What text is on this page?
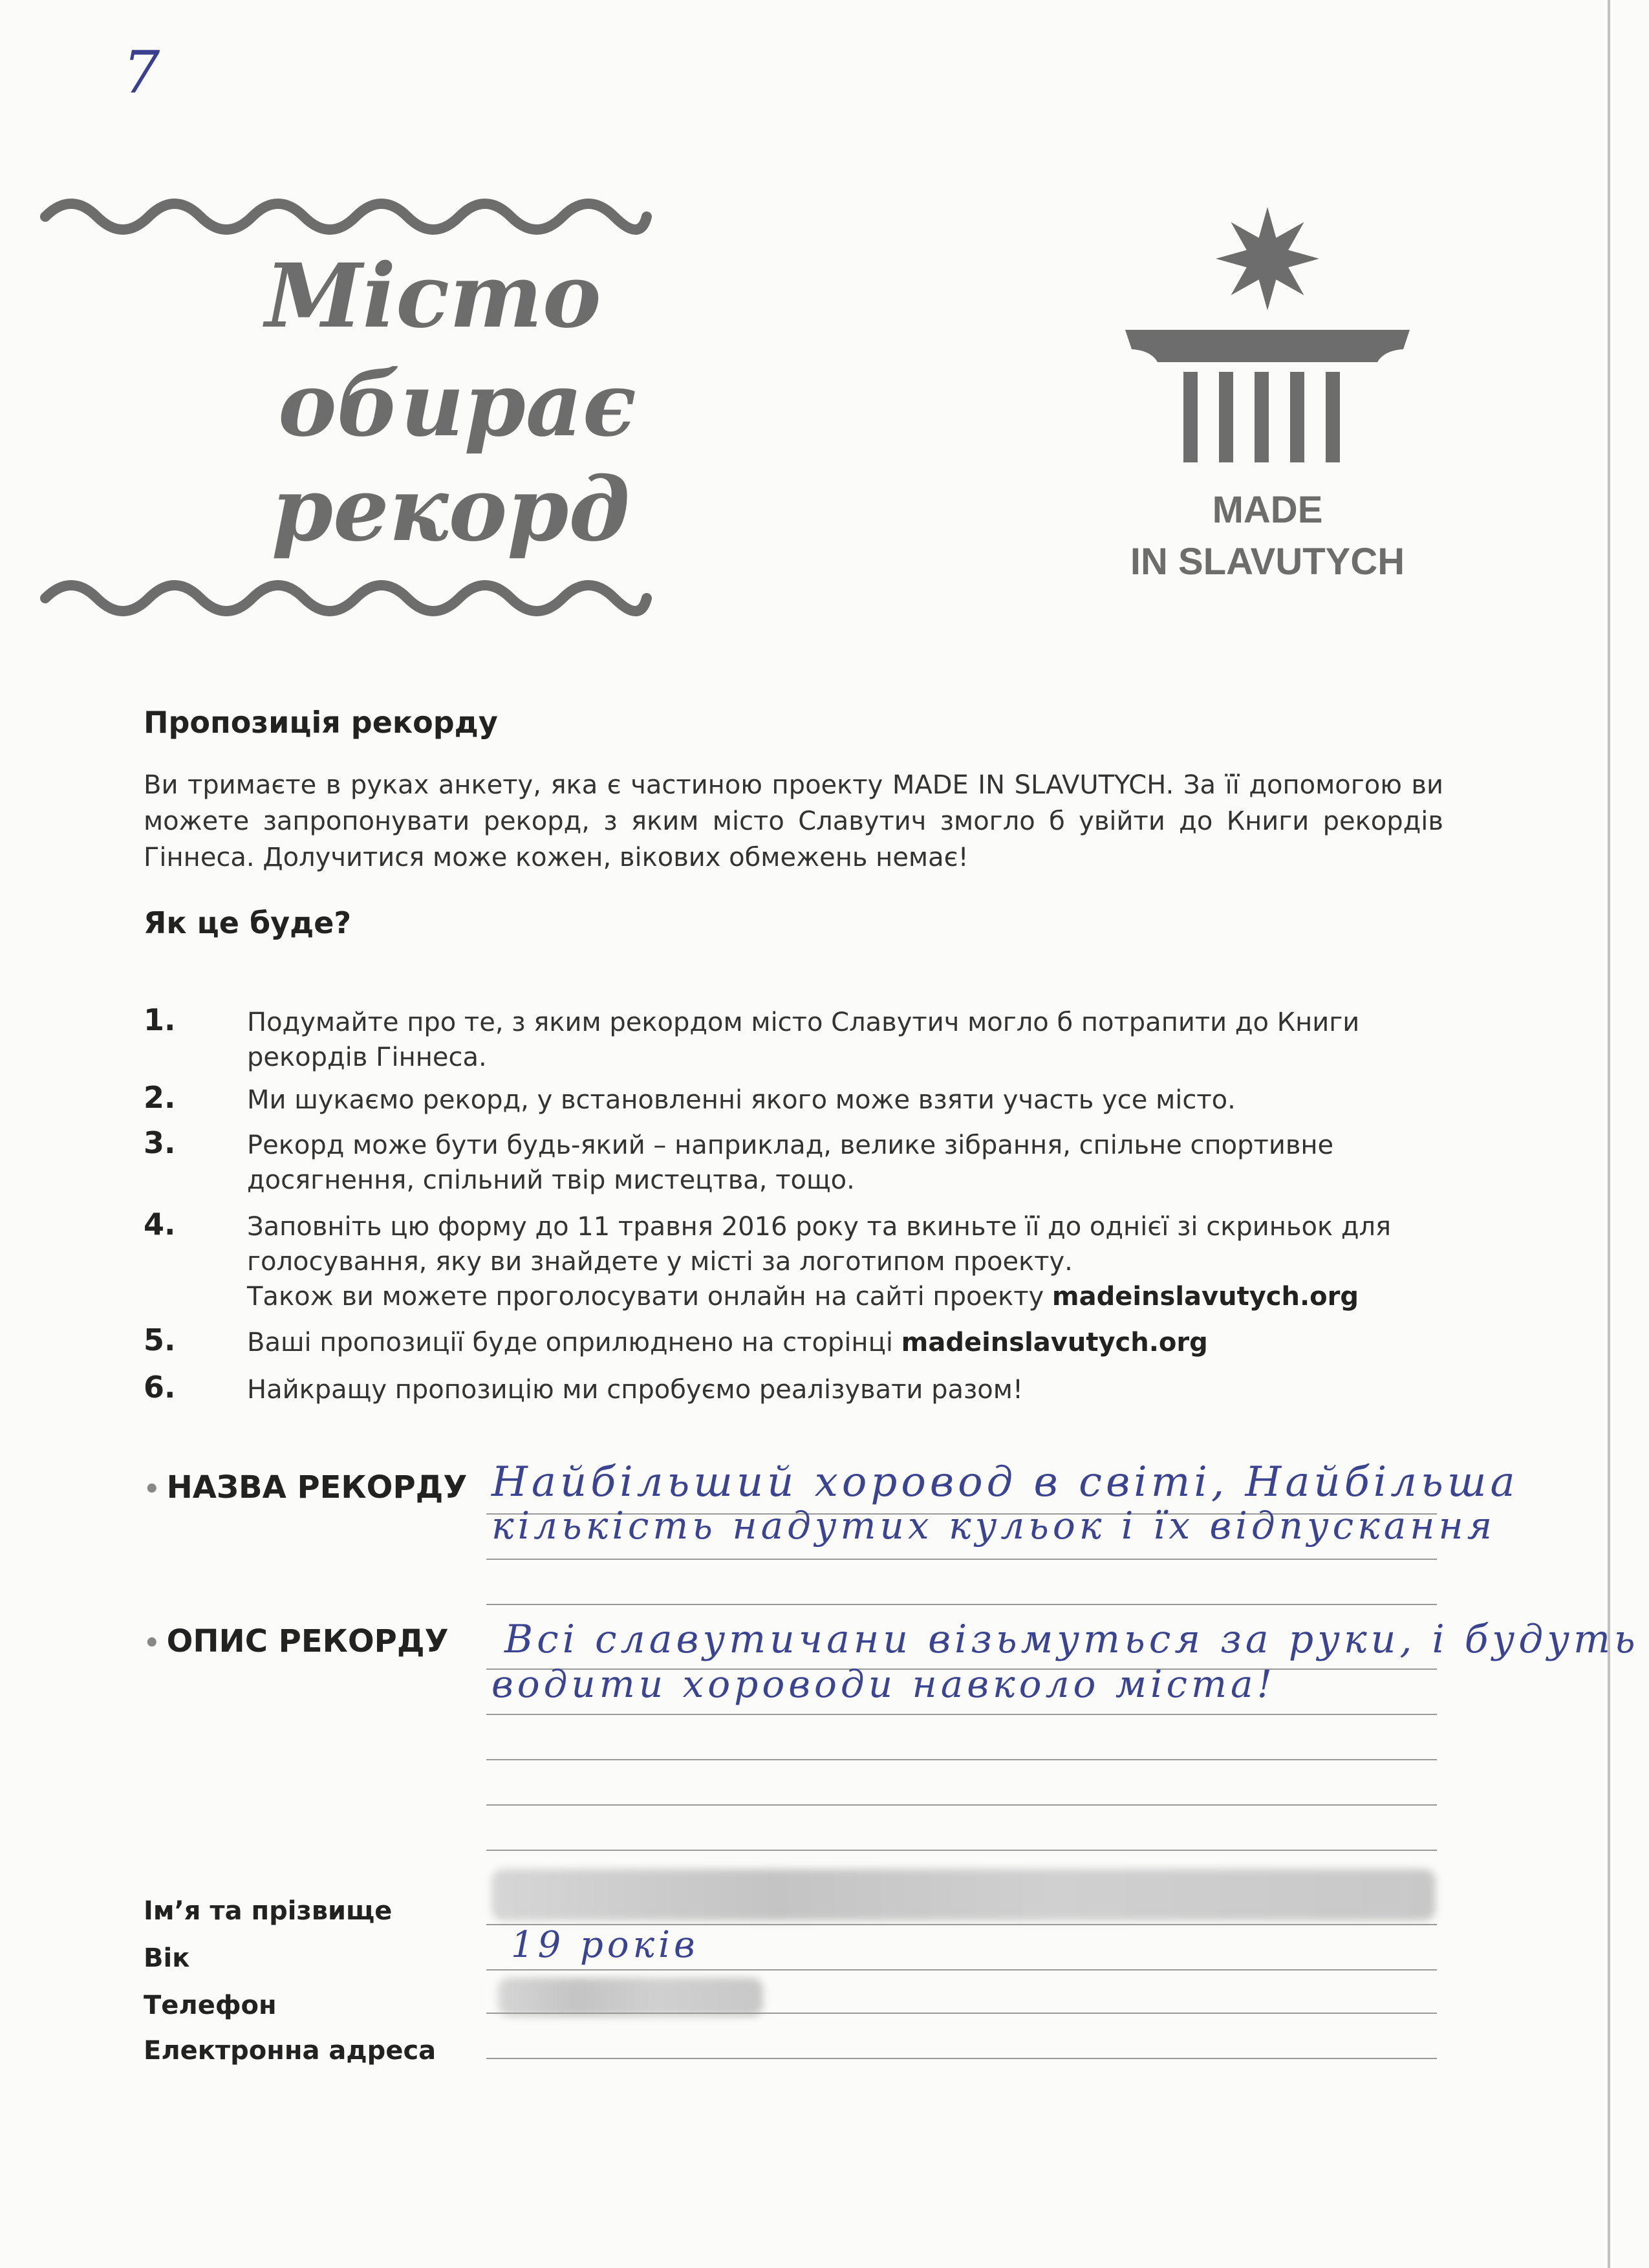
7
Місто
обирає
рекорд	MADE
IN SLAVUTYCH
Пропозиція рекорду

Ви тримаєте в руках анкету, яка є частиною проекту MADE IN SLAVUTYCH. За її допомогою ви можете запропонувати рекорд, з яким місто Славутич змогло б увійти до Книги рекордів Гіннеса. Долучитися може кожен, вікових обмежень немає!

Як це буде?
1.	Подумайте про те, з яким рекордом місто Славутич могло б потрапити до Книги рекордів Гіннеса.
2.	Ми шукаємо рекорд, у встановленні якого може взяти участь усе місто.
3.	Рекорд може бути будь-який – наприклад, велике зібрання, спільне спортивне досягнення, спільний твір мистецтва, тощо.
4.	Заповніть цю форму до 11 травня 2016 року та вкиньте її до однієї зі скриньок для голосування, яку ви знайдете у місті за логотипом проекту.
Також ви можете проголосувати онлайн на сайті проекту madeinslavutych.org
5.	Ваші пропозиції буде оприлюднено на сторінці madeinslavutych.org
6.	Найкращу пропозицію ми спробуємо реалізувати разом!
• НАЗВА РЕКОРДУ Найбільший хоровод в світі, Найбільша
кількість надутих кульок і їх відпускання
• ОПИС РЕКОРДУ Всі славутичани візьмуться за руки, і будуть
водити хороводи навколо міста!
Ім’я та прізвище
Вік	19 років
Телефон
Електронна адреса
